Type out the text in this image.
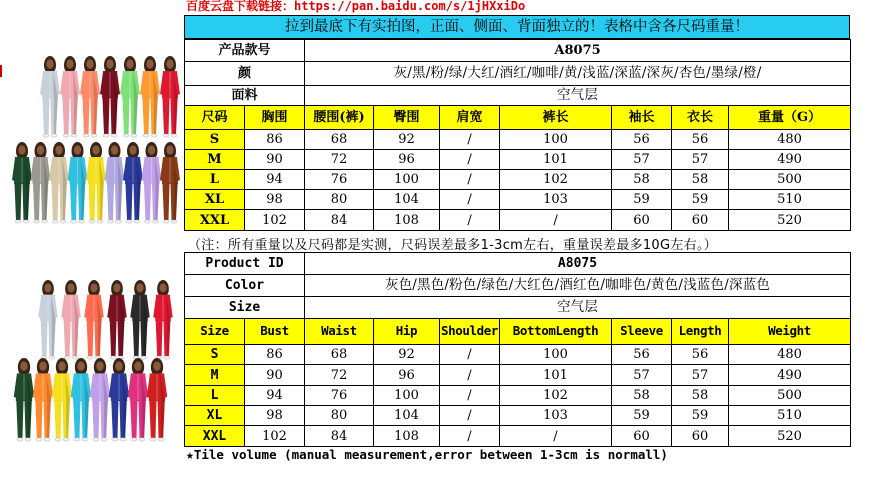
百度云盘下载链接：https://pan.baidu.com/s/1jHXxiDo
拉到最底下有实拍图，正面、侧面、背面独立的！表格中含各尺码重量！
产品款号		A8075						
颜		灰/黑/粉/绿/大红/酒红/咖啡/黄/浅蓝/深蓝/深灰/杏色/墨绿/橙/						
面料		空气层						
尺码	胸围	腰围(裤)	臀围	肩宽	裤长	袖长	衣长	重量（G）
S	86	68	92	/	100	56	56	480
M	90	72	96	/	101	57	57	490
L	94	76	100	/	102	58	58	500
XL	98	80	104	/	103	59	59	510
XXL	102	84	108	/	/	60	60	520
（注：所有重量以及尺码都是实测，尺码误差最多1-3cm左右，重量误差最多10G左右。）
Product ID		A8075						
Color		灰色/黑色/粉色/绿色/大红色/酒红色/咖啡色/黄色/浅蓝色/深蓝色						
Size		空气层						
Size	Bust	Waist	Hip	Shoulder	BottomLength	Sleeve	Length	Weight
S	86	68	92	/	100	56	56	480
M	90	72	96	/	101	57	57	490
L	94	76	100	/	102	58	58	500
XL	98	80	104	/	103	59	59	510
XXL	102	84	108	/	/	60	60	520
★Tile volume (manual measurement,error between 1-3cm is normall)
